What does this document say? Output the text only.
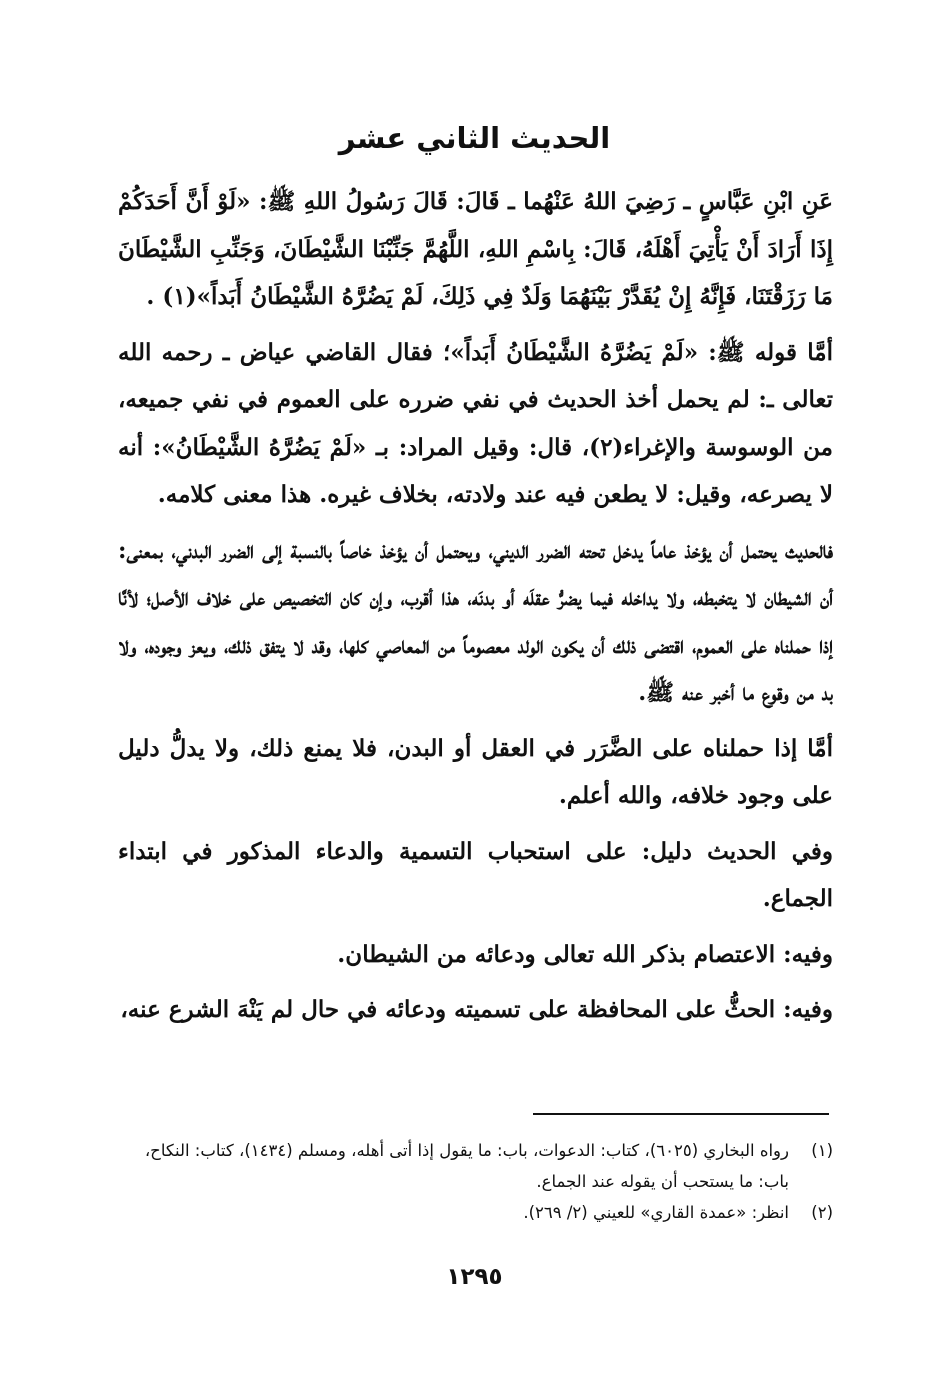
الحديث الثاني عشر

عَنِ ابْنِ عَبَّاسٍ ـ رَضِيَ اللهُ عَنْهُما ـ قَالَ: قَالَ رَسُولُ اللهِ ﷺ: «لَوْ أَنَّ أَحَدَكُمْ إِذَا أَرَادَ أَنْ يَأْتِيَ أَهْلَهُ، قَالَ: بِاسْمِ اللهِ، اللَّهُمَّ جَنِّبْنَا الشَّيْطَانَ، وَجَنِّبِ الشَّيْطَانَ مَا رَزَقْتَنَا، فَإِنَّهُ إِنْ يُقَدَّرْ بَيْنَهُمَا وَلَدٌ فِي ذَلِكَ، لَمْ يَضُرَّهُ الشَّيْطَانُ أَبَداً»(١) .

أمَّا قوله ﷺ: «لَمْ يَضُرَّهُ الشَّيْطَانُ أَبَداً»؛ فقال القاضي عياض ـ رحمه الله تعالى ـ: لم يحمل أخذ الحديث في نفي ضرره على العموم في نفي جميعه، من الوسوسة والإغراء(٢)، قال: وقيل المراد: بـ «لَمْ يَضُرَّهُ الشَّيْطَانُ»: أنه لا يصرعه، وقيل: لا يطعن فيه عند ولادته، بخلاف غيره. هذا معنى كلامه.

فالحديث يحتمل أن يؤخذ عاماً يدخل تحته الضرر الديني، ويحتمل أن يؤخذ خاصاً بالنسبة إلى الضرر البدني، بمعنى: أن الشيطان لا يتخبطه، ولا يداخله فيما يضرُّ عقلَه أو بدنَه، هذا أقرب، وإن كان التخصيص على خلاف الأصل؛ لأنَّا إذا حملناه على العموم، اقتضى ذلك أن يكون الولد معصوماً من المعاصي كلها، وقد لا يتفق ذلك، ويعز وجوده، ولا بد من وقوع ما أخبر عنه ﷺ.

أمَّا إذا حملناه على الضَّرَر في العقل أو البدن، فلا يمنع ذلك، ولا يدلُّ دليل على وجود خلافه، والله أعلم.

وفي الحديث دليل: على استحباب التسمية والدعاء المذكور في ابتداء الجماع.

وفيه: الاعتصام بذكر الله تعالى ودعائه من الشيطان.

وفيه: الحثُّ على المحافظة على تسميته ودعائه في حال لم يَنْهَ الشرع عنه،

(١)
رواه البخاري (٦٠٢٥)، كتاب: الدعوات، باب: ما يقول إذا أتى أهله، ومسلم (١٤٣٤)، كتاب: النكاح، باب: ما يستحب أن يقوله عند الجماع.
(٢)
انظر: «عمدة القاري» للعيني (٢/ ٢٦٩).
١٢٩٥
